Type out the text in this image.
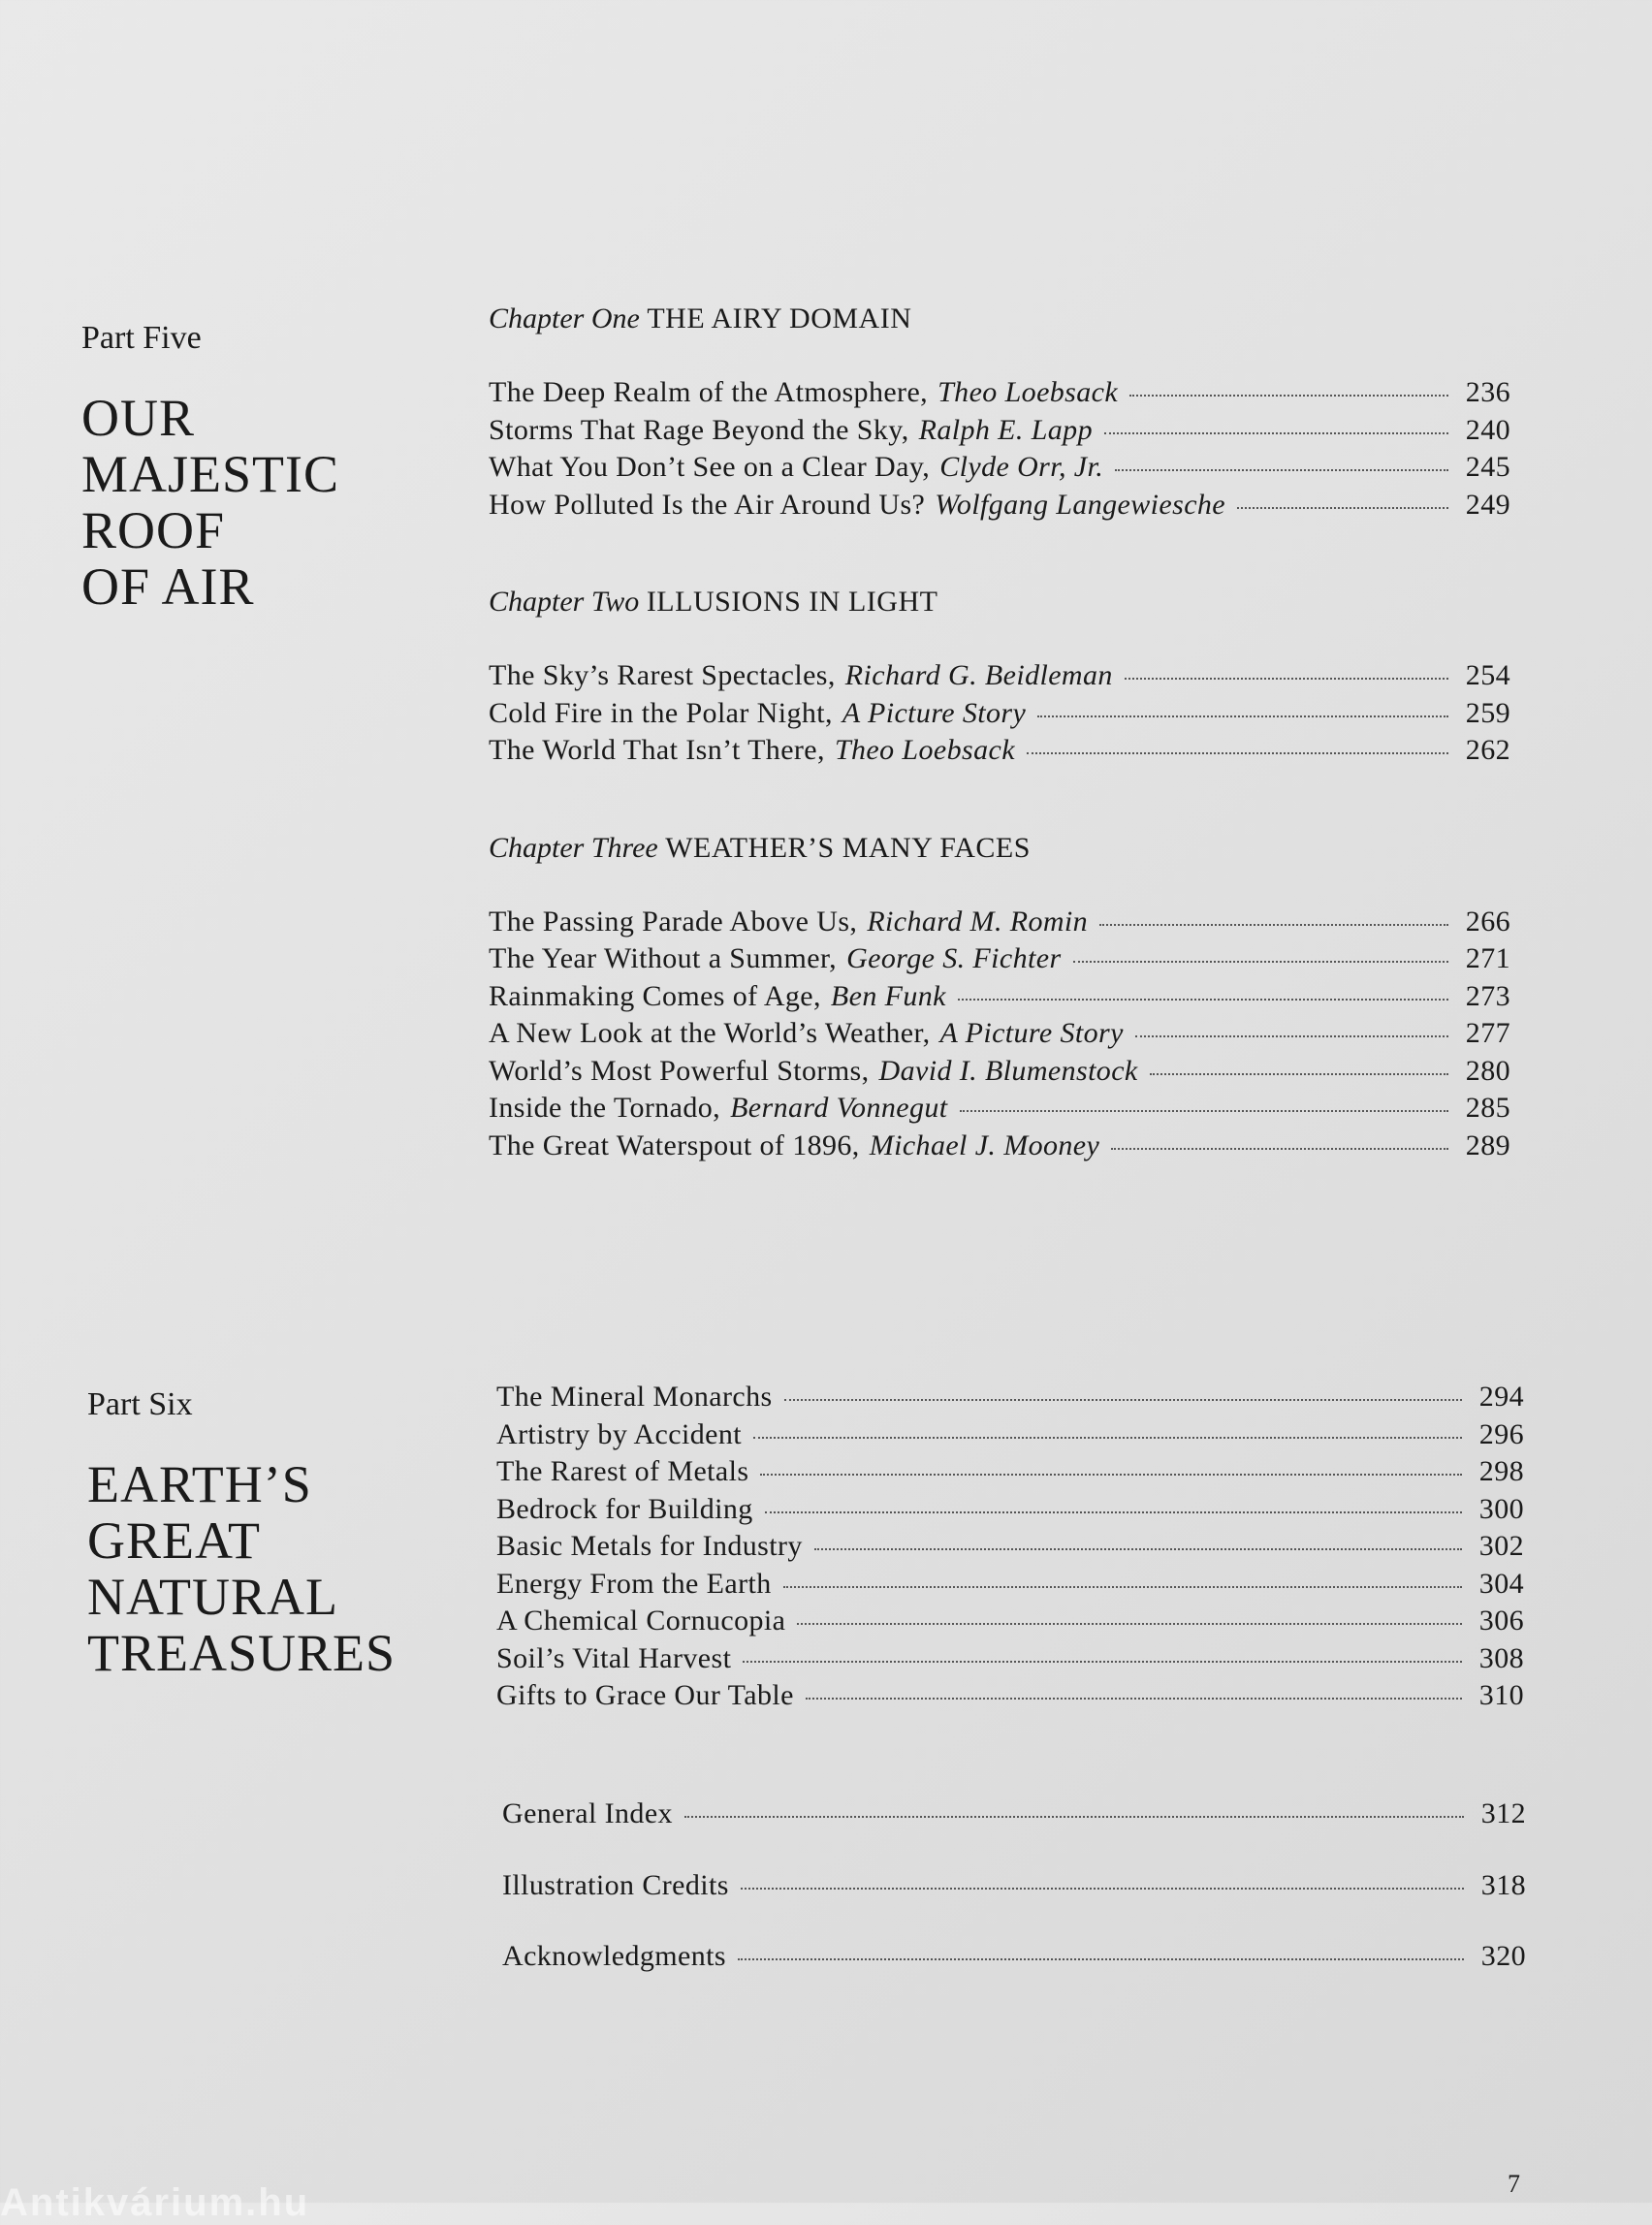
Part Five

OUR
MAJESTIC
ROOF
OF AIR
Chapter One THE AIRY DOMAIN
The Deep Realm of the Atmosphere, Theo Loebsack	236
Storms That Rage Beyond the Sky, Ralph E. Lapp	240
What You Don’t See on a Clear Day, Clyde Orr, Jr.	245
How Polluted Is the Air Around Us? Wolfgang Langewiesche	249
Chapter Two ILLUSIONS IN LIGHT
The Sky’s Rarest Spectacles, Richard G. Beidleman	254
Cold Fire in the Polar Night, A Picture Story	259
The World That Isn’t There, Theo Loebsack	262
Chapter Three WEATHER’S MANY FACES
The Passing Parade Above Us, Richard M. Romin	266
The Year Without a Summer, George S. Fichter	271
Rainmaking Comes of Age, Ben Funk	273
A New Look at the World’s Weather, A Picture Story	277
World’s Most Powerful Storms, David I. Blumenstock	280
Inside the Tornado, Bernard Vonnegut	285
The Great Waterspout of 1896, Michael J. Mooney	289

Part Six

EARTH’S
GREAT
NATURAL
TREASURES
The Mineral Monarchs	294
Artistry by Accident	296
The Rarest of Metals	298
Bedrock for Building	300
Basic Metals for Industry	302
Energy From the Earth	304
A Chemical Cornucopia	306
Soil’s Vital Harvest	308
Gifts to Grace Our Table	310
General Index	312
Illustration Credits	318
Acknowledgments	320
7
Antikvárium.hu
